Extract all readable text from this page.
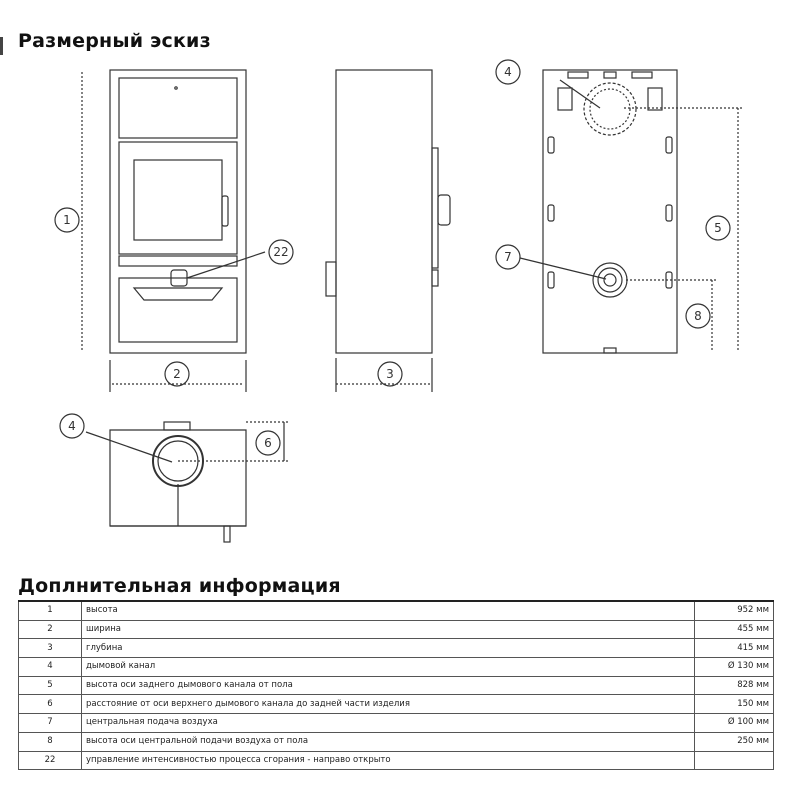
Размерный эскиз
1
2	3
22
4
5
7
8
4
6
Доплнительная информация
1	высота	952 мм
2	ширина	455 мм
3	глубина	415 мм
4	дымовой канал	Ø 130 мм
5	высота оси заднего дымового канала от пола	828 мм
6	расстояние от оси верхнего дымового канала до задней части изделия	150 мм
7	центральная подача воздуха	Ø 100 мм
8	высота оси центральной подачи воздуха от пола	250 мм
22	управление интенсивностью процесса сгорания - направо открыто	
